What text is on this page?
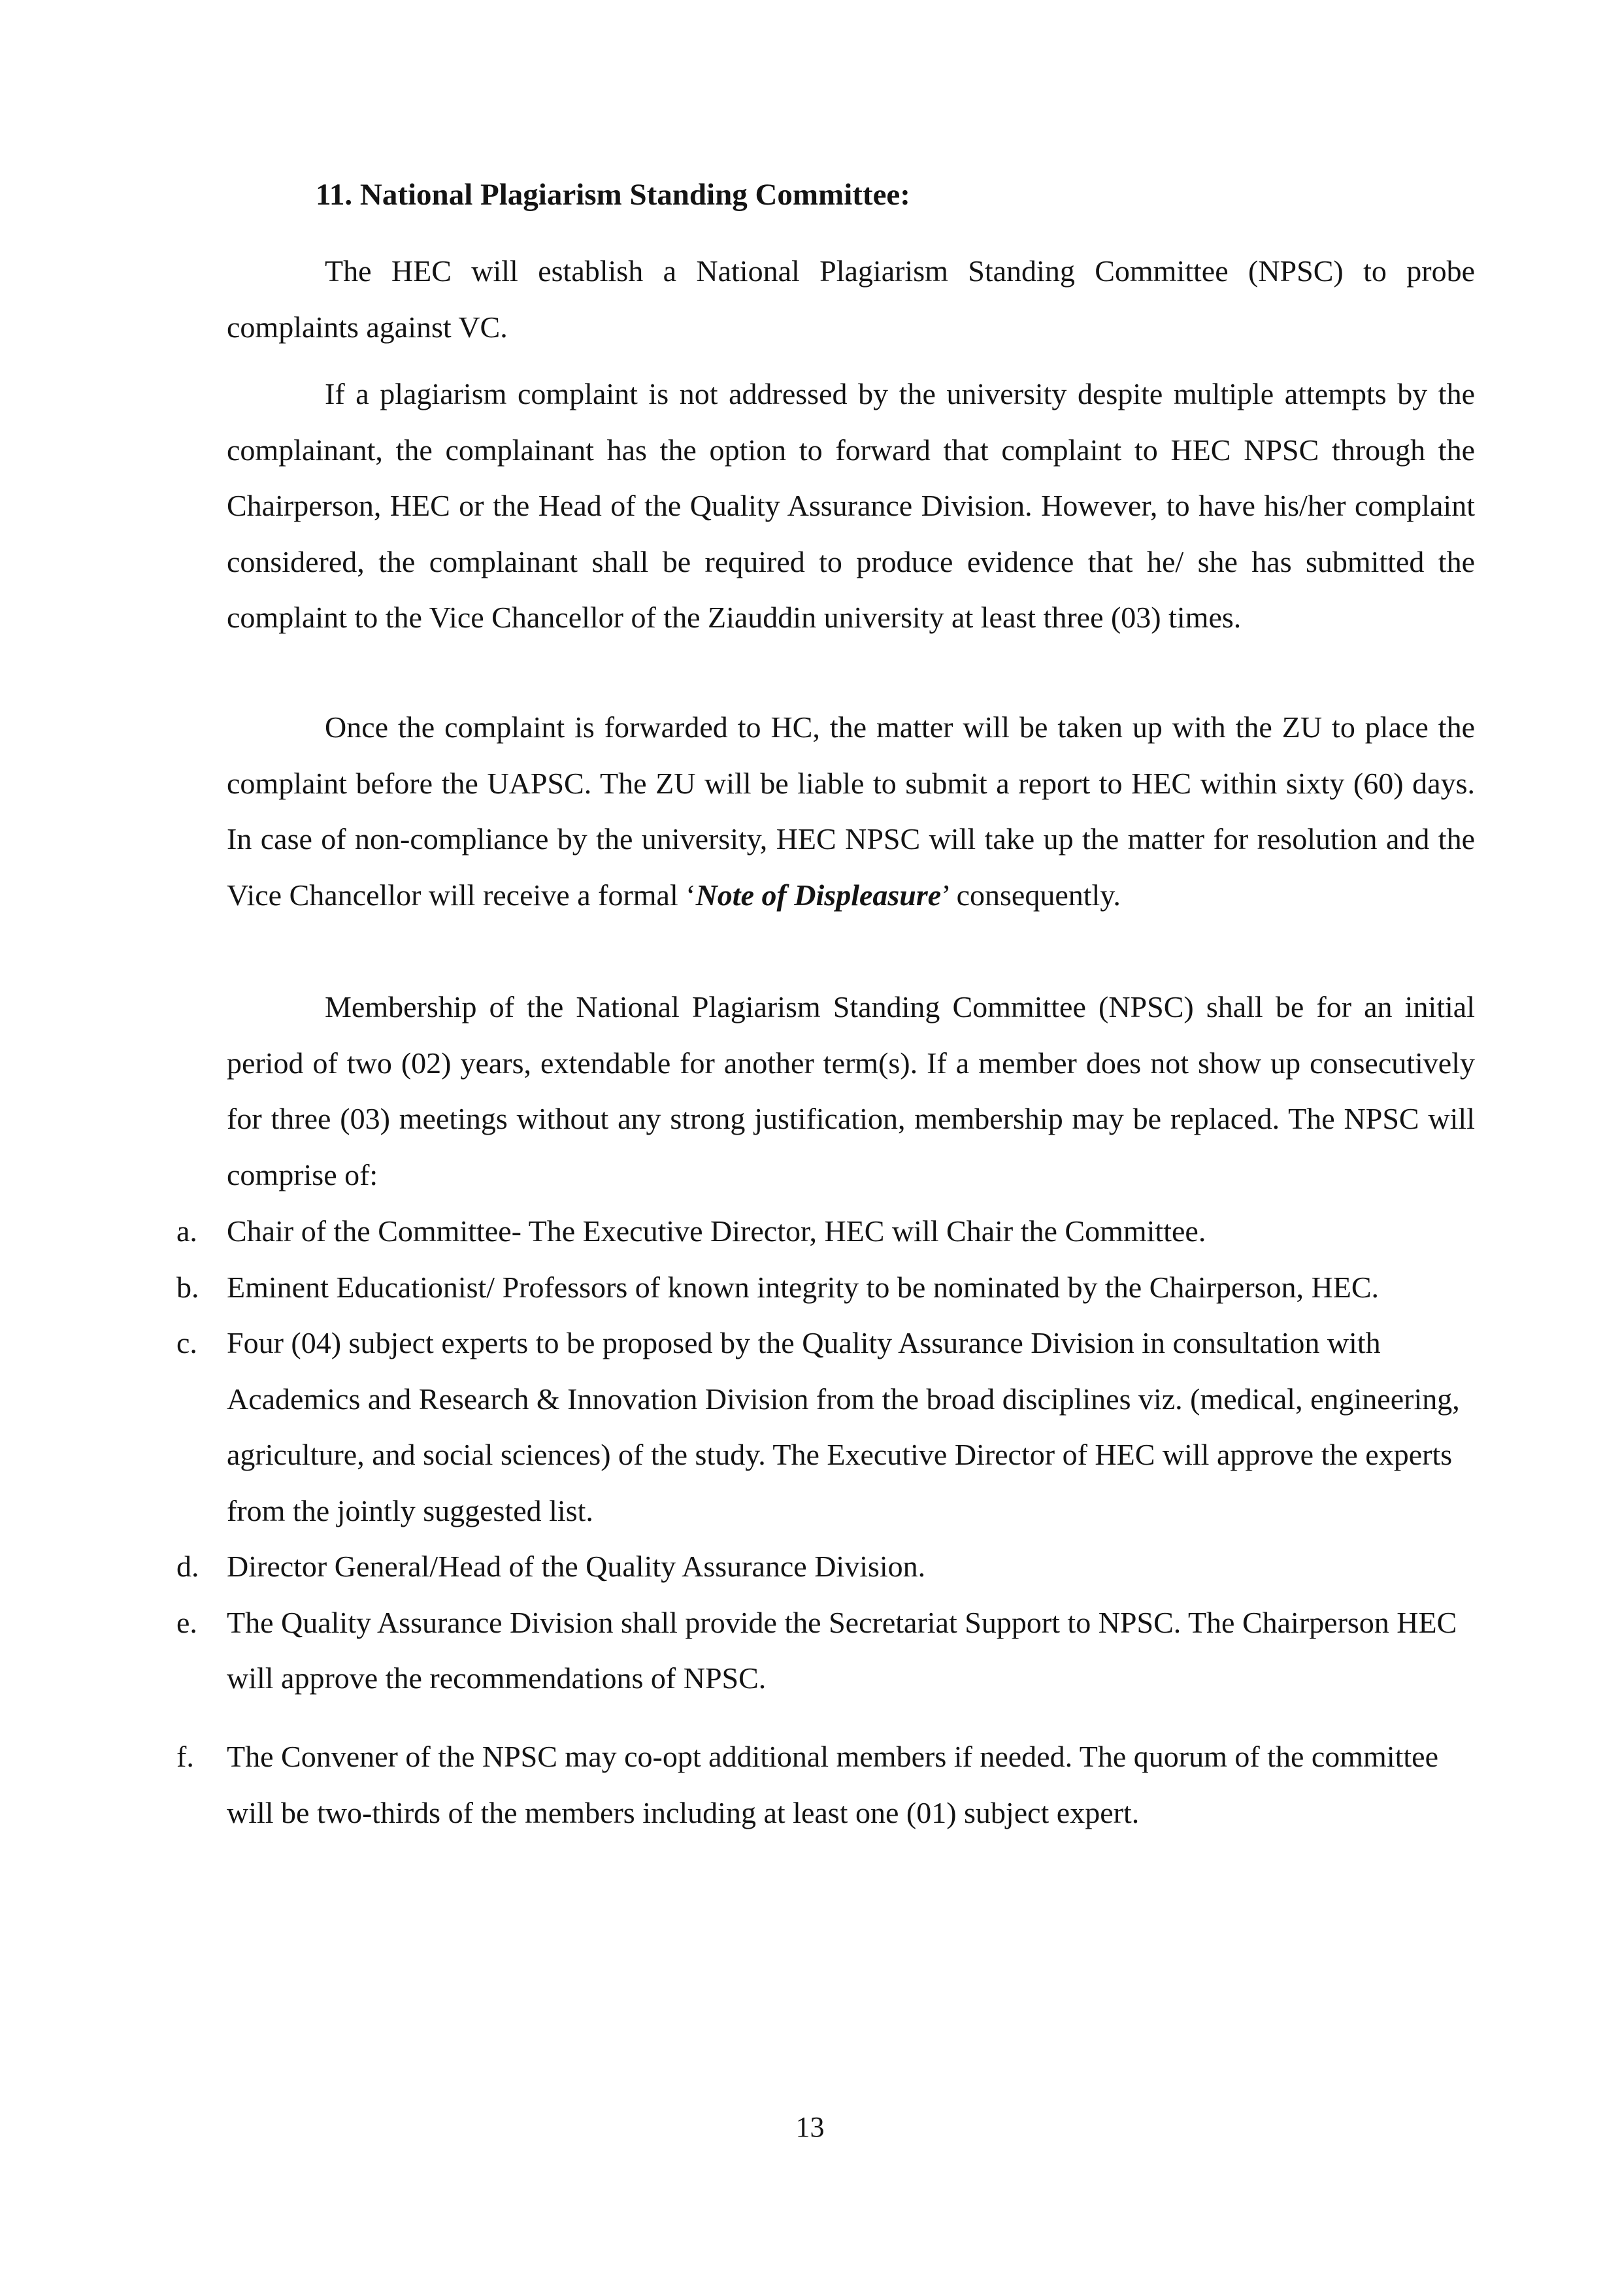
11. National Plagiarism Standing Committee:

The HEC will establish a National Plagiarism Standing Committee (NPSC) to probe complaints against VC.

If a plagiarism complaint is not addressed by the university despite multiple attempts by the complainant, the complainant has the option to forward that complaint to HEC NPSC through the Chairperson, HEC or the Head of the Quality Assurance Division. However, to have his/her complaint considered, the complainant shall be required to produce evidence that he/ she has submitted the complaint to the Vice Chancellor of the Ziauddin university at least three (03) times.

Once the complaint is forwarded to HC, the matter will be taken up with the ZU to place the complaint before the UAPSC. The ZU will be liable to submit a report to HEC within sixty (60) days. In case of non-compliance by the university, HEC NPSC will take up the matter for resolution and the Vice Chancellor will receive a formal ‘Note of Displeasure’ consequently.

Membership of the National Plagiarism Standing Committee (NPSC) shall be for an initial period of two (02) years, extendable for another term(s). If a member does not show up consecutively for three (03) meetings without any strong justification, membership may be replaced. The NPSC will comprise of:

a. Chair of the Committee- The Executive Director, HEC will Chair the Committee.
b. Eminent Educationist/ Professors of known integrity to be nominated by the Chairperson, HEC.
c. Four (04) subject experts to be proposed by the Quality Assurance Division in consultation with Academics and Research & Innovation Division from the broad disciplines viz. (medical, engineering, agriculture, and social sciences) of the study. The Executive Director of HEC will approve the experts from the jointly suggested list.
d. Director General/Head of the Quality Assurance Division.
e. The Quality Assurance Division shall provide the Secretariat Support to NPSC. The Chairperson HEC will approve the recommendations of NPSC.
f. The Convener of the NPSC may co-opt additional members if needed. The quorum of the committee will be two-thirds of the members including at least one (01) subject expert.
13
